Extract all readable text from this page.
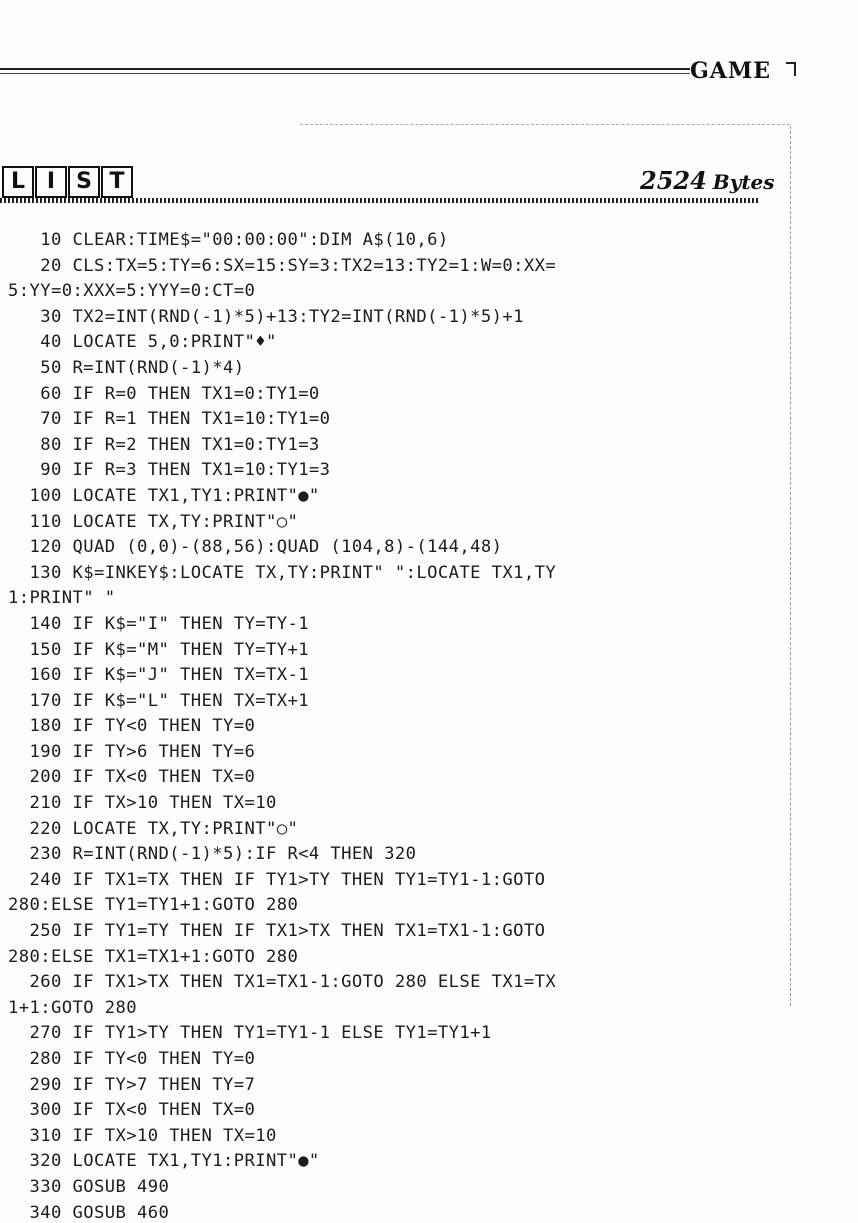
GAME
L I S T	2524 Bytes
10 CLEAR:TIME$="00:00:00":DIM A$(10,6)
20 CLS:TX=5:TY=6:SX=15:SY=3:TX2=13:TY2=1:W=0:XX=
5:YY=0:XXX=5:YYY=0:CT=0
30 TX2=INT(RND(-1)*5)+13:TY2=INT(RND(-1)*5)+1
40 LOCATE 5,0:PRINT"♦"
50 R=INT(RND(-1)*4)
60 IF R=0 THEN TX1=0:TY1=0
70 IF R=1 THEN TX1=10:TY1=0
80 IF R=2 THEN TX1=0:TY1=3
90 IF R=3 THEN TX1=10:TY1=3
100 LOCATE TX1,TY1:PRINT"●"
110 LOCATE TX,TY:PRINT"○"
120 QUAD (0,0)-(88,56):QUAD (104,8)-(144,48)
130 K$=INKEY$:LOCATE TX,TY:PRINT" ":LOCATE TX1,TY
1:PRINT" "
140 IF K$="I" THEN TY=TY-1
150 IF K$="M" THEN TY=TY+1
160 IF K$="J" THEN TX=TX-1
170 IF K$="L" THEN TX=TX+1
180 IF TY<0 THEN TY=0
190 IF TY>6 THEN TY=6
200 IF TX<0 THEN TX=0
210 IF TX>10 THEN TX=10
220 LOCATE TX,TY:PRINT"○"
230 R=INT(RND(-1)*5):IF R<4 THEN 320
240 IF TX1=TX THEN IF TY1>TY THEN TY1=TY1-1:GOTO
280:ELSE TY1=TY1+1:GOTO 280
250 IF TY1=TY THEN IF TX1>TX THEN TX1=TX1-1:GOTO
280:ELSE TX1=TX1+1:GOTO 280
260 IF TX1>TX THEN TX1=TX1-1:GOTO 280 ELSE TX1=TX
1+1:GOTO 280
270 IF TY1>TY THEN TY1=TY1-1 ELSE TY1=TY1+1
280 IF TY<0 THEN TY=0
290 IF TY>7 THEN TY=7
300 IF TX<0 THEN TX=0
310 IF TX>10 THEN TX=10
320 LOCATE TX1,TY1:PRINT"●"
330 GOSUB 490
340 GOSUB 460
